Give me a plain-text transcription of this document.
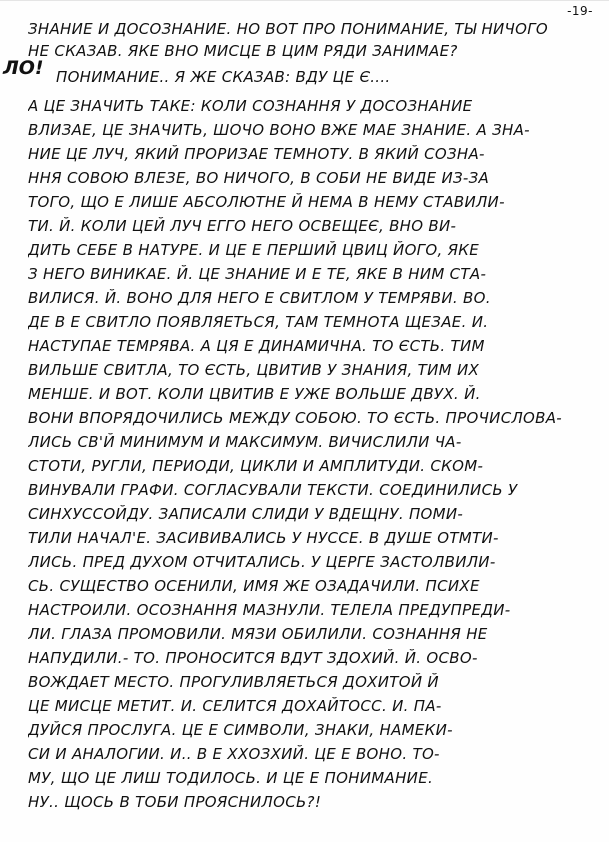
-19-
ЛО!
ЗНАНИЕ И ДОСОЗНАНИЕ. НО ВОТ ПРО ПОНИМАНИЕ, ТЫ НИЧОГО
НЕ СКАЗАВ. ЯКЕ ВНО МИСЦЕ В ЦИМ РЯДИ ЗАНИМАЕ?
ПОНИМАНИЕ.. Я ЖЕ СКАЗАВ: ВДУ ЦЕ Є....
А ЦЕ ЗНАЧИТЬ ТАКЕ: КОЛИ СОЗНАННЯ У ДОСОЗНАНИЕ
ВЛИЗАЕ, ЦЕ ЗНАЧИТЬ, ШОЧО ВОНО ВЖЕ МАЕ ЗНАНИЕ. А ЗНА-
НИЕ ЦЕ ЛУЧ, ЯКИЙ ПРОРИЗАЕ ТЕМНОТУ. В ЯКИЙ СОЗНА-
ННЯ СОВОЮ ВЛЕЗЕ, ВО НИЧОГО, В СОБИ НЕ ВИДЕ ИЗ-ЗА
ТОГО, ЩО Е ЛИШЕ АБСОЛЮТНЕ Й НЕМА В НЕМУ СТАВИЛИ-
ТИ. Й. КОЛИ ЦЕЙ ЛУЧ ЕГГО НЕГО ОСВЕЩЕЄ, ВНО ВИ-
ДИТЬ СЕБЕ В НАТУРЕ. И ЦЕ Е ПЕРШИЙ ЦВИЦ ЙОГО, ЯКЕ
З НЕГО ВИНИКАЕ. Й. ЦЕ ЗНАНИЕ И Е ТЕ, ЯКЕ В НИМ СТА-
ВИЛИСЯ. Й. ВОНО ДЛЯ НЕГО Е СВИТЛОМ У ТЕМРЯВИ. ВО.
ДЕ В Е СВИТЛО ПОЯВЛЯЕТЬСЯ, ТАМ ТЕМНОТА ЩЕЗАЕ. И.
НАСТУПАЕ ТЕМРЯВА. А ЦЯ Е ДИНАМИЧНА. ТО ЄСТЬ. ТИМ
ВИЛЬШЕ СВИТЛА, ТО ЄСТЬ, ЦВИТИВ У ЗНАНИЯ, ТИМ ИХ
МЕНШЕ. И ВОТ. КОЛИ ЦВИТИВ Е УЖЕ ВОЛЬШЕ ДВУХ. Й.
ВОНИ ВПОРЯДОЧИЛИСЬ МЕЖДУ СОБОЮ. ТО ЄСТЬ. ПРОЧИСЛОВА-
ЛИСЬ СВ'Й МИНИМУМ И МАКСИМУМ. ВИЧИСЛИЛИ ЧА-
СТОТИ, РУГЛИ, ПЕРИОДИ, ЦИКЛИ И АМПЛИТУДИ. СКОМ-
ВИНУВАЛИ ГРАФИ. СОГЛАСУВАЛИ ТЕКСТИ. СОЕДИНИЛИСЬ У
СИНХУССОЙДУ. ЗАПИСАЛИ СЛИДИ У ВДЕЩНУ. ПОМИ-
ТИЛИ НАЧАЛ'Е. ЗАСИВИВАЛИСЬ У НУССЕ. В ДУШЕ ОТМТИ-
ЛИСЬ. ПРЕД ДУХОМ ОТЧИТАЛИСЬ. У ЦЕРГЕ ЗАСТОЛВИЛИ-
СЬ. СУЩЕСТВО ОСЕНИЛИ, ИМЯ ЖЕ ОЗАДАЧИЛИ. ПСИХЕ
НАСТРОИЛИ. ОСОЗНАННЯ МАЗНУЛИ. ТЕЛЕЛА ПРЕДУПРЕДИ-
ЛИ. ГЛАЗА ПРОМОВИЛИ. МЯЗИ ОБИЛИЛИ. СОЗНАННЯ НЕ
НАПУДИЛИ.- ТО. ПРОНОСИТСЯ ВДУТ ЗДОХИЙ. Й. ОСВО-
ВОЖДАЕТ МЕСТО. ПРОГУЛИВЛЯЕТЬСЯ ДОХИТОЙ Й
ЦЕ МИСЦЕ МЕТИТ. И. СЕЛИТСЯ ДОХАЙТОСС. И. ПА-
ДУЙСЯ ПРОСЛУГА. ЦЕ Е СИМВОЛИ, ЗНАКИ, НАМЕКИ-
СИ И АНАЛОГИИ. И.. В Е ХХОЗХИЙ. ЦЕ Е ВОНО. ТО-
МУ, ЩО ЦЕ ЛИШ ТОДИЛОСЬ. И ЦЕ Е ПОНИМАНИЕ.
НУ.. ЩОСЬ В ТОБИ ПРОЯСНИЛОСЬ?!
